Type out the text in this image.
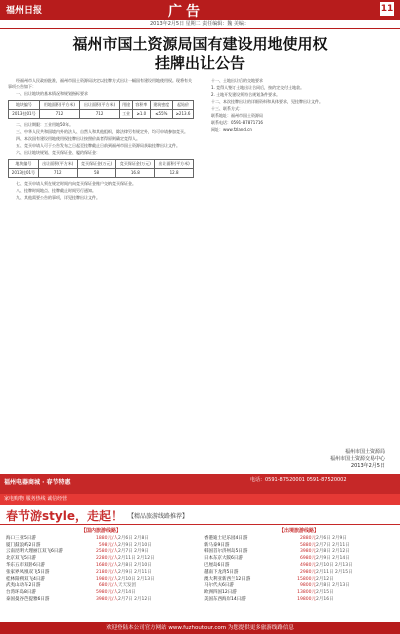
福州日报	广告	11
2013年2月5日 星期二 责任编辑：魏 美编：
福州市国土资源局国有建设用地使用权
挂牌出让公告

经福州市人民政府批准，福州市国土资源局决定以挂牌方式出让一幅国有建设用地使用权。现将有关事项公告如下：

一、出让地块的基本情况和规划指标要求

地块编号	用地面积(平方米)	出让面积(平方米)	用途	容积率	建筑密度	起始价
2013挂01号	712	712	工业	≥1.0	≤55%	≥213.6

二、出让期限：工业用地50年。

三、中华人民共和国境内外的法人、自然人和其他组织，除法律另有规定外，均可申请参加竞买。

四、本次国有建设用地使用权挂牌出让按照价高者得原则确定竞得人。

五、竞买申请人可于公告发布之日起至挂牌截止日前到福州市国土资源局获取挂牌出让文件。

六、出让地块规划、竞买保证金、履约保证金：

地块编号	出让面积(平方米)	竞买保证金(万元)	竞买保证金(万元)	出让面积(平方米)
2013挂01号	712	58	16.8	12.8

七、竞买申请人须在规定时间内向竞买保证金账户交纳竞买保证金。

八、挂牌时间地点、挂牌截止时间另行通知。

九、其他需要公告的事项，详见挂牌出让文件。

十一、土地出让后的交地要求

1. 竞得人签订土地出让合同后，按约定交付土地款。

2. 土地开发建设须符合规划条件要求。

十二、本次挂牌出让的详细资料和具体要求，见挂牌出让文件。

十三、联系方式：

联系地址：福州市国土资源局

联系电话：0591-87871716

网址：www.fzland.cn

福州市国土资源局
福州市国土资源交易中心
2013年2月5日
福州电器商城 · 春节特惠	电话：0591-87520001 0591-87520002
家电购物 服务热线 诚信经营
春节游style，走起！ 【精品旅游线路推荐】
【国内旅游线路】
海口三亚5日游	1880元/人 2月6日 2月8日
厦门鼓浪屿2日游	598元/人 2月9日 2月10日
云南昆明大理丽江双飞6日游	2580元/人 2月7日 2月9日
北京双飞5日游	2280元/人 2月11日 2月12日
华东五市双卧6日游	1680元/人 2月8日 2月10日
张家界凤凰双飞5日游	2180元/人 2月9日 2月11日
桂林阳朔双飞4日游	1980元/人 2月10日 2月13日
武夷山动车2日游	680元/人 天天发团
台湾环岛8日游	5980元/人 2月14日
泰国曼谷芭提雅6日游	3980元/人 2月7日 2月12日
【出境旅游线路】
香港迪士尼乐园4日游	2880元 2月6日 2月9日
新马泰9日游	5880元 2月7日 2月11日
韩国首尔济州岛5日游	3980元 2月8日 2月12日
日本东京大阪6日游	6980元 2月9日 2月14日
巴厘岛6日游	4980元 2月10日 2月13日
越南下龙湾5日游	2980元 2月11日 2月15日
澳大利亚新西兰12日游	15800元 2月12日
马尔代夫6日游	9800元 2月8日 2月13日
欧洲四国12日游	13800元 2月15日
美国东西海岸14日游	19800元 2月16日
欢迎登陆本公司官方网站 www.fuzhoutour.com 为您提供更多旅游线路信息
